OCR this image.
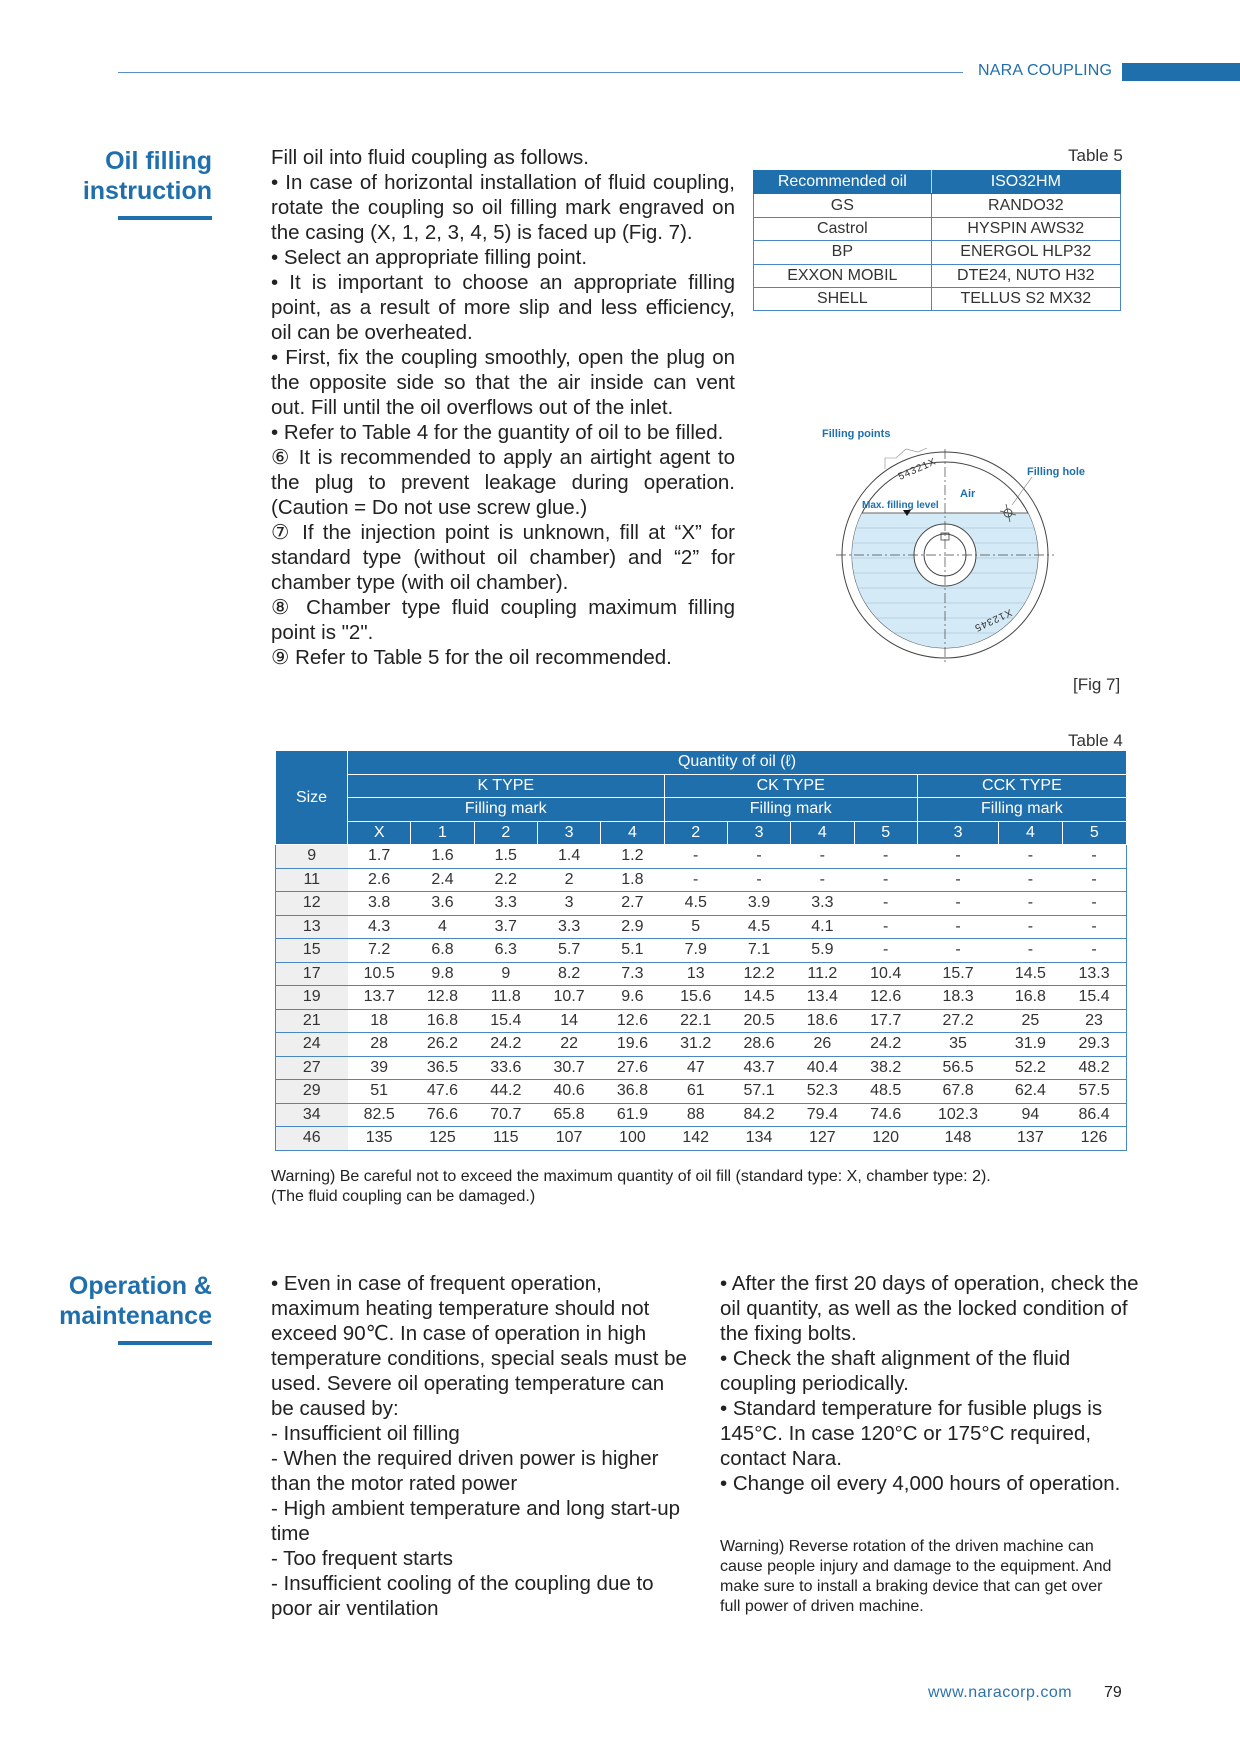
NARA COUPLING
Oil filling
instruction

Fill oil into fluid coupling as follows.

• In case of horizontal installation of fluid coupling, rotate the coupling so oil filling mark engraved on the casing (X, 1, 2, 3, 4, 5) is faced up (Fig. 7).

• Select an appropriate filling point.

• It is important to choose an appropriate filling point, as a result of more slip and less efficiency, oil can be overheated.

• First, fix the coupling smoothly, open the plug on the opposite side so that the air inside can vent out. Fill until the oil overflows out of the inlet.

• Refer to Table 4 for the guantity of oil to be filled.

⑥ It is recommended to apply an airtight agent to the plug to prevent leakage during operation. (Caution = Do not use screw glue.)

⑦ If the injection point is unknown, fill at “X” for standard type (without oil chamber) and “2” for chamber type (with oil chamber).

⑧ Chamber type fluid coupling maximum filling point is "2".

⑨ Refer to Table 5 for the oil recommended.

Table 5
Recommended oil	ISO32HM
GS	RANDO32
Castrol	HYSPIN AWS32
BP	ENERGOL HLP32
EXXON MOBIL	DTE24, NUTO H32
SHELL	TELLUS S2 MX32
Filling points
Filling hole
Air
Max. filling level
54321X
X12345
[Fig 7]
Table 4
Size	Quantity of oil (ℓ)											
	K TYPE					CK TYPE				CCK TYPE		
	Filling mark					Filling mark				Filling mark		
	X	1	2	3	4	2	3	4	5	3	4	5
9	1.7	1.6	1.5	1.4	1.2	-	-	-	-	-	-	-
11	2.6	2.4	2.2	2	1.8	-	-	-	-	-	-	-
12	3.8	3.6	3.3	3	2.7	4.5	3.9	3.3	-	-	-	-
13	4.3	4	3.7	3.3	2.9	5	4.5	4.1	-	-	-	-
15	7.2	6.8	6.3	5.7	5.1	7.9	7.1	5.9	-	-	-	-
17	10.5	9.8	9	8.2	7.3	13	12.2	11.2	10.4	15.7	14.5	13.3
19	13.7	12.8	11.8	10.7	9.6	15.6	14.5	13.4	12.6	18.3	16.8	15.4
21	18	16.8	15.4	14	12.6	22.1	20.5	18.6	17.7	27.2	25	23
24	28	26.2	24.2	22	19.6	31.2	28.6	26	24.2	35	31.9	29.3
27	39	36.5	33.6	30.7	27.6	47	43.7	40.4	38.2	56.5	52.2	48.2
29	51	47.6	44.2	40.6	36.8	61	57.1	52.3	48.5	67.8	62.4	57.5
34	82.5	76.6	70.7	65.8	61.9	88	84.2	79.4	74.6	102.3	94	86.4
46	135	125	115	107	100	142	134	127	120	148	137	126
Warning) Be careful not to exceed the maximum quantity of oil fill (standard type: X, chamber type: 2).
(The fluid coupling can be damaged.)
Operation &
maintenance

• Even in case of frequent operation, maximum heating temperature should not exceed 90℃. In case of operation in high temperature conditions, special seals must be used. Severe oil operating temperature can be caused by:

- Insufficient oil filling

- When the required driven power is higher than the motor rated power

- High ambient temperature and long start-up time

- Too frequent starts

- Insufficient cooling of the coupling due to poor air ventilation

• After the first 20 days of operation, check the oil quantity, as well as the locked condition of the fixing bolts.

• Check the shaft alignment of the fluid coupling periodically.

• Standard temperature for fusible plugs is 145°C. In case 120°C or 175°C required, contact Nara.

• Change oil every 4,000 hours of operation.

Warning) Reverse rotation of the driven machine can cause people injury and damage to the equipment. And make sure to install a braking device that can get over full power of driven machine.
www.naracorp.com 79
